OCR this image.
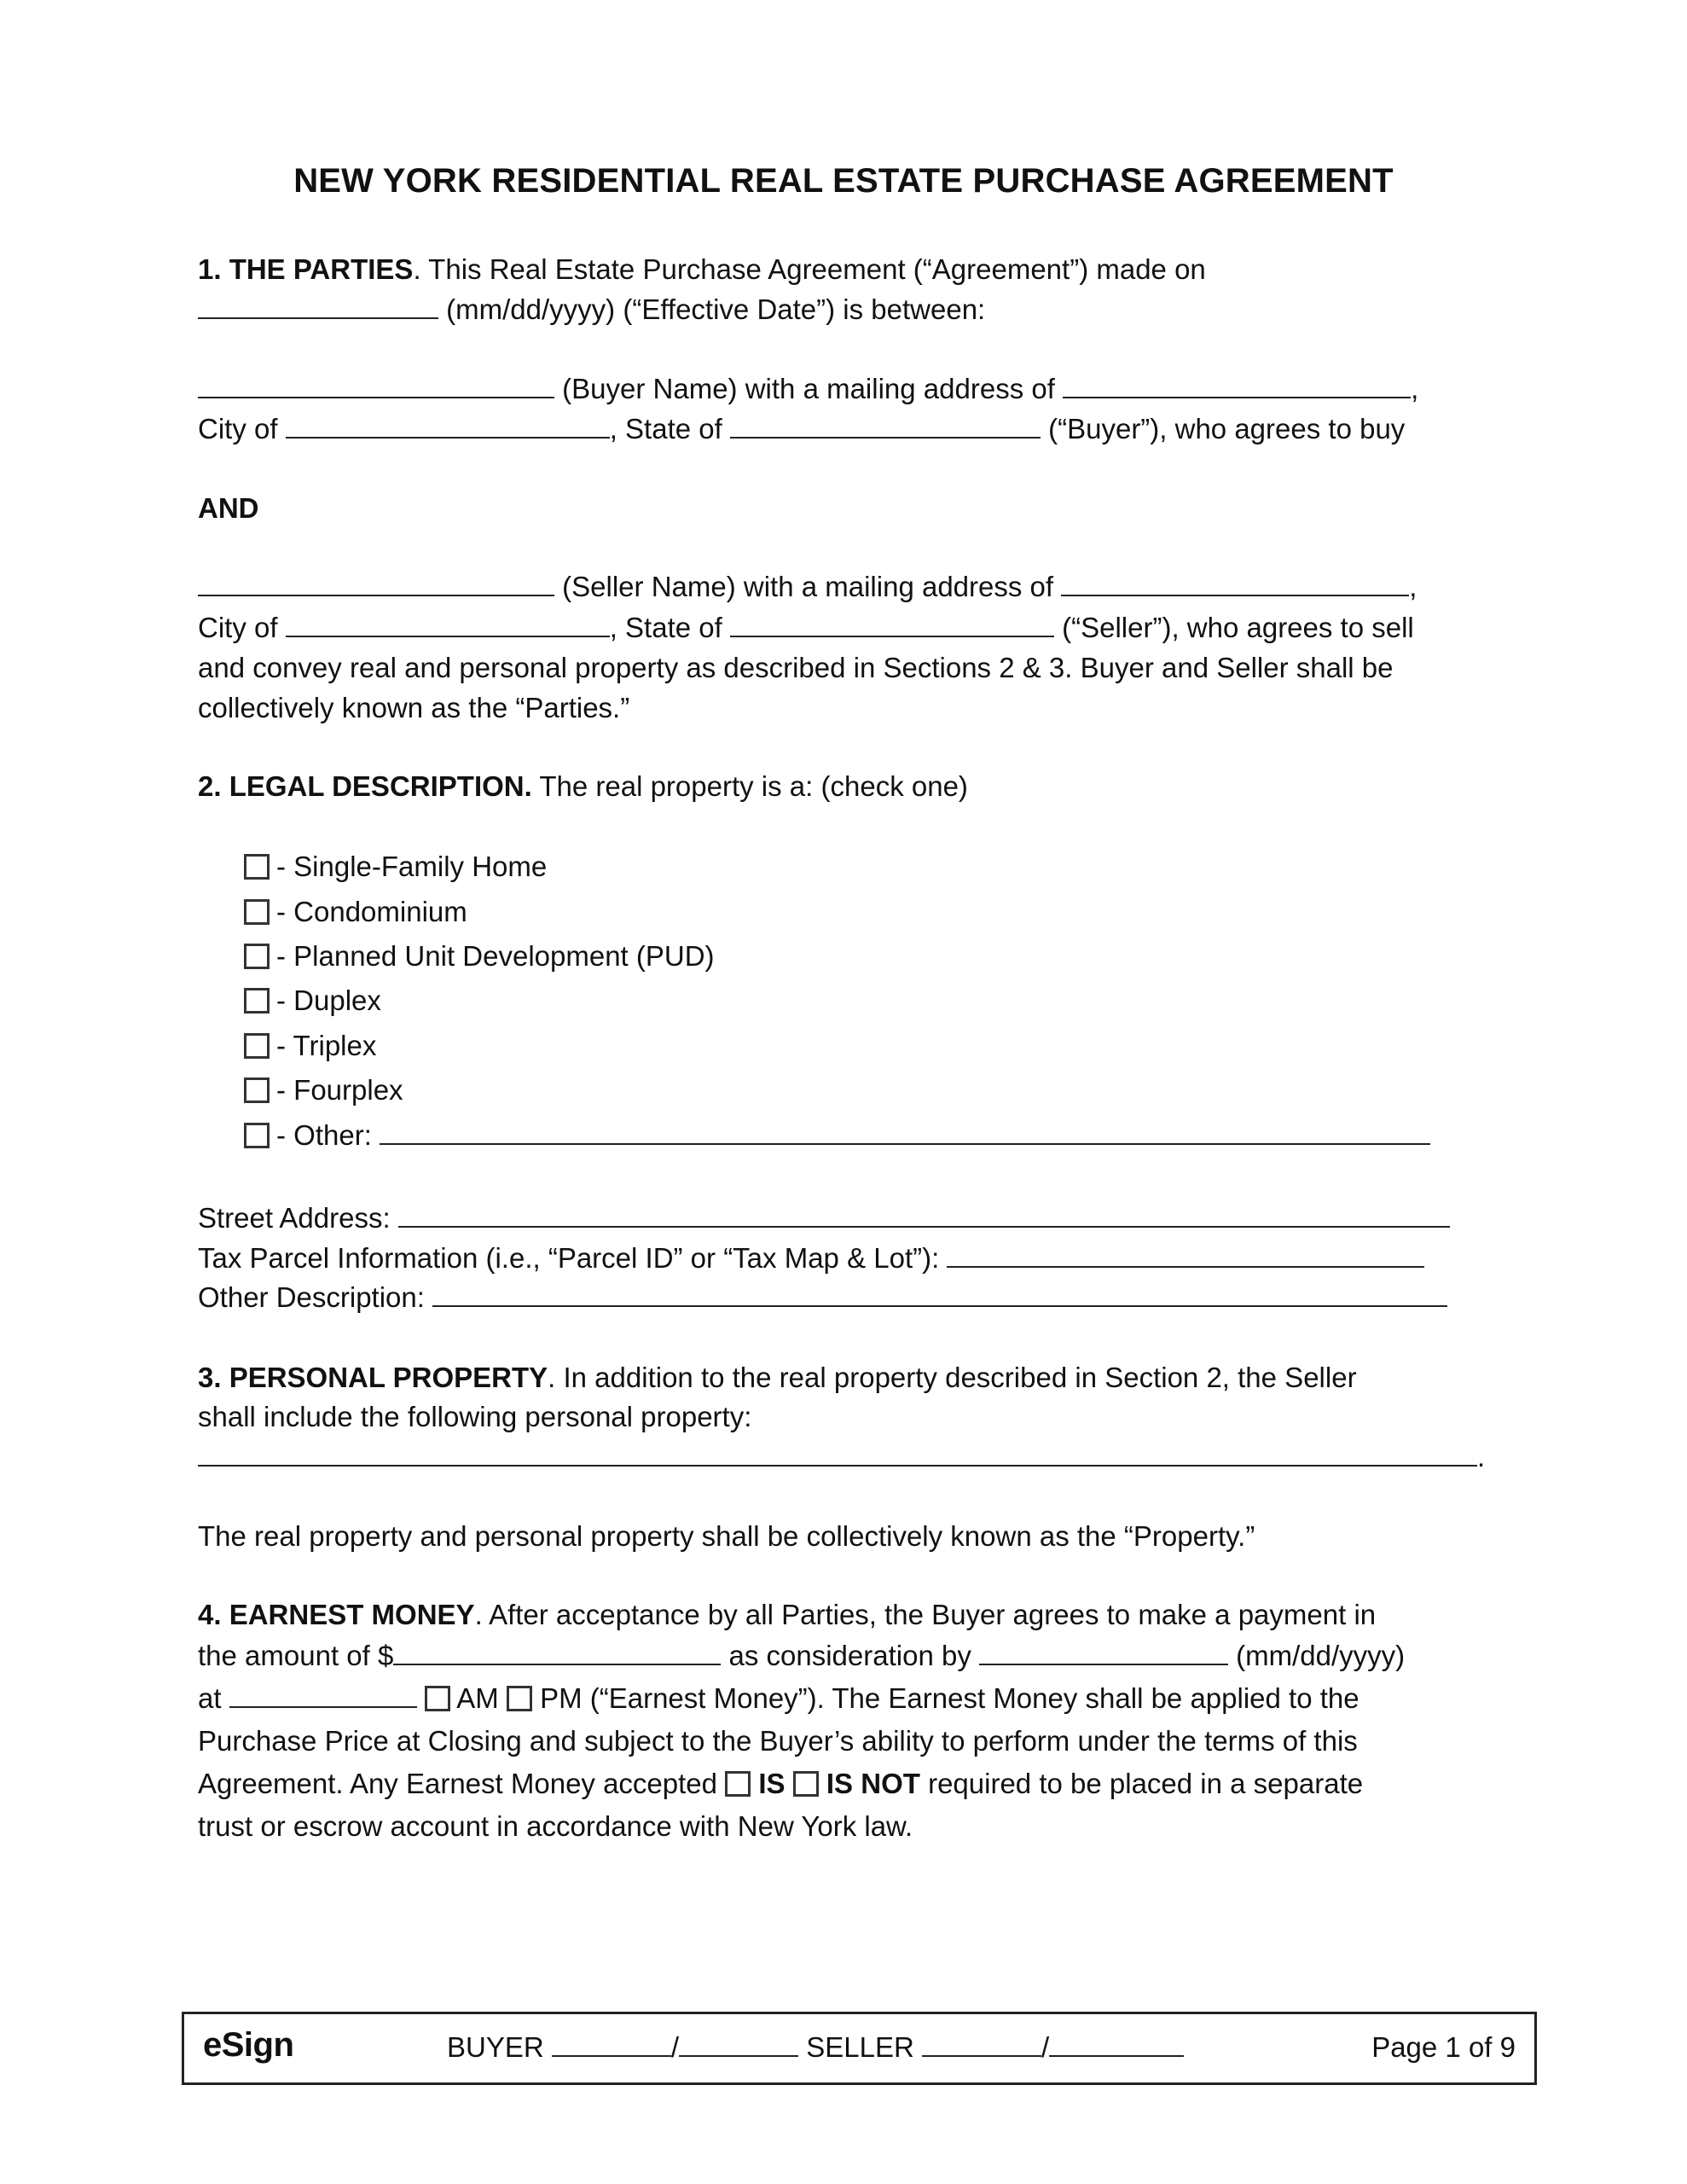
NEW YORK RESIDENTIAL REAL ESTATE PURCHASE AGREEMENT
1. THE PARTIES. This Real Estate Purchase Agreement (“Agreement”) made on
(mm/dd/yyyy) (“Effective Date”) is between:
(Buyer Name) with a mailing address of	,
City of	, State of	(“Buyer”), who agrees to buy
AND
(Seller Name) with a mailing address of	,
City of	, State of	(“Seller”), who agrees to sell
and convey real and personal property as described in Sections 2 & 3. Buyer and Seller shall be
collectively known as the “Parties.”
2. LEGAL DESCRIPTION. The real property is a: (check one)
- Single-Family Home
- Condominium
- Planned Unit Development (PUD)
- Duplex
- Triplex
- Fourplex
- Other:
Street Address:
Tax Parcel Information (i.e., “Parcel ID” or “Tax Map & Lot”):
Other Description:
3. PERSONAL PROPERTY. In addition to the real property described in Section 2, the Seller
shall include the following personal property:
.
The real property and personal property shall be collectively known as the “Property.”
4. EARNEST MONEY. After acceptance by all Parties, the Buyer agrees to make a payment in
the amount of $	as consideration by	(mm/dd/yyyy)
at	AM  PM (“Earnest Money”). The Earnest Money shall be applied to the
Purchase Price at Closing and subject to the Buyer’s ability to perform under the terms of this
Agreement. Any Earnest Money accepted  IS IS NOT required to be placed in a separate
trust or escrow account in accordance with New York law.
eSign	BUYER	/	SELLER	/	Page 1 of 9
